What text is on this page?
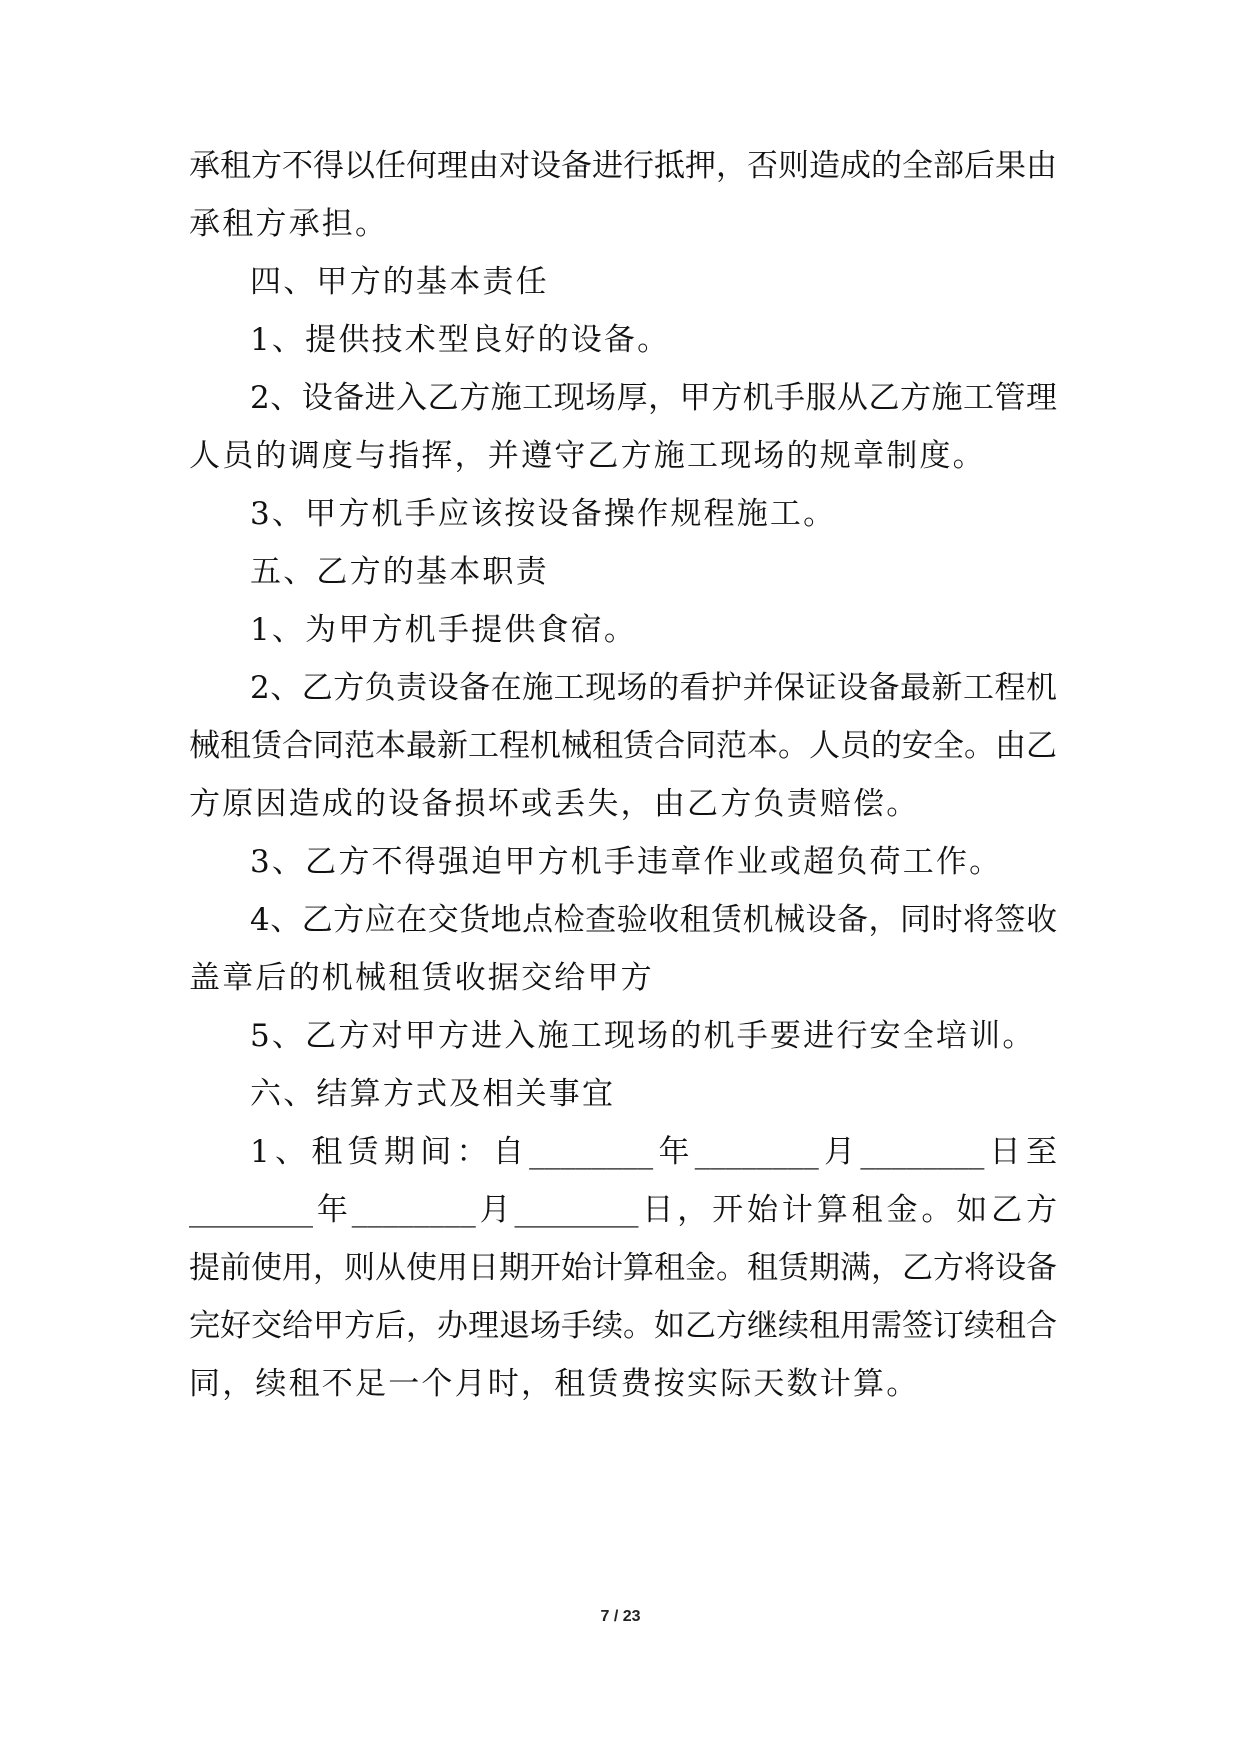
承租方不得以任何理由对设备进行抵押，否则造成的全部后果由
承租方承担。
四、甲方的基本责任
1、提供技术型良好的设备。
2、设备进入乙方施工现场厚，甲方机手服从乙方施工管理
人员的调度与指挥，并遵守乙方施工现场的规章制度。
3、甲方机手应该按设备操作规程施工。
五、乙方的基本职责
1、为甲方机手提供食宿。
2、乙方负责设备在施工现场的看护并保证设备最新工程机
械租赁合同范本最新工程机械租赁合同范本。人员的安全。由乙
方原因造成的设备损坏或丢失，由乙方负责赔偿。
3、乙方不得强迫甲方机手违章作业或超负荷工作。
4、乙方应在交货地点检查验收租赁机械设备，同时将签收
盖章后的机械租赁收据交给甲方
5、乙方对甲方进入施工现场的机手要进行安全培训。
六、结算方式及相关事宜
1、租赁期间：自________年________月________日至
________年________月________日，开始计算租金。如乙方
提前使用，则从使用日期开始计算租金。租赁期满，乙方将设备
完好交给甲方后，办理退场手续。如乙方继续租用需签订续租合
同，续租不足一个月时，租赁费按实际天数计算。
7 / 23
